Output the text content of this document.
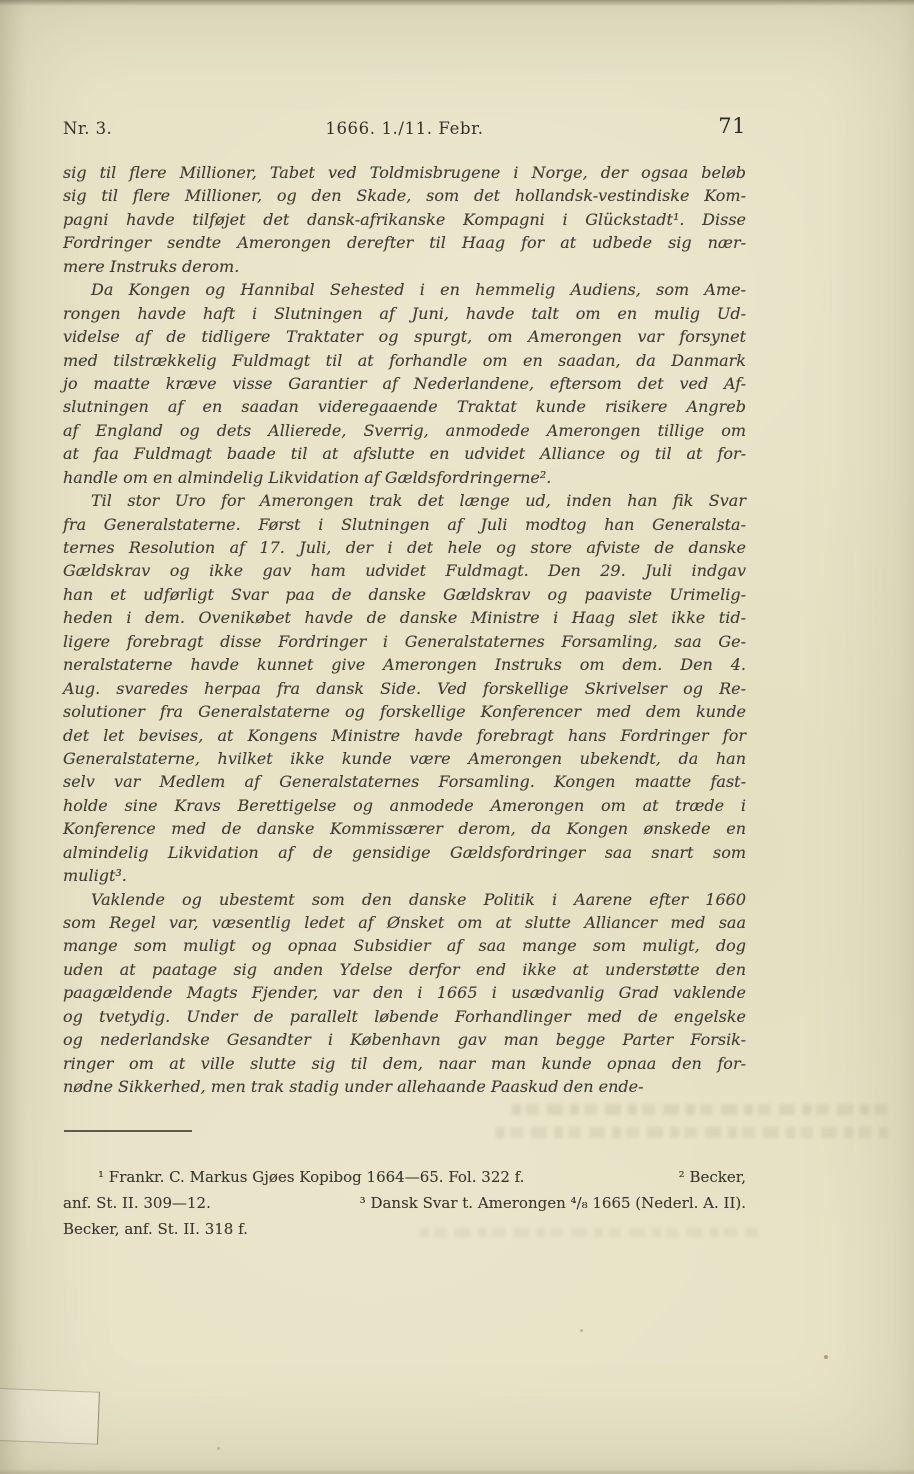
Nr. 3.	1666. 1./11. Febr.	71
sig til flere Millioner, Tabet ved Toldmisbrugene i Norge, der ogsaa beløb
sig til flere Millioner, og den Skade, som det hollandsk-vestindiske Kom-
pagni havde tilføjet det dansk-afrikanske Kompagni i Glückstadt¹. Disse
Fordringer sendte Amerongen derefter til Haag for at udbede sig nær-
mere Instruks derom.
Da Kongen og Hannibal Sehested i en hemmelig Audiens, som Ame-
rongen havde haft i Slutningen af Juni, havde talt om en mulig Ud-
videlse af de tidligere Traktater og spurgt, om Amerongen var forsynet
med tilstrækkelig Fuldmagt til at forhandle om en saadan, da Danmark
jo maatte kræve visse Garantier af Nederlandene, eftersom det ved Af-
slutningen af en saadan videregaaende Traktat kunde risikere Angreb
af England og dets Allierede, Sverrig, anmodede Amerongen tillige om
at faa Fuldmagt baade til at afslutte en udvidet Alliance og til at for-
handle om en almindelig Likvidation af Gældsfordringerne².
Til stor Uro for Amerongen trak det længe ud, inden han fik Svar
fra Generalstaterne. Først i Slutningen af Juli modtog han Generalsta-
ternes Resolution af 17. Juli, der i det hele og store afviste de danske
Gældskrav og ikke gav ham udvidet Fuldmagt. Den 29. Juli indgav
han et udførligt Svar paa de danske Gældskrav og paaviste Urimelig-
heden i dem. Ovenikøbet havde de danske Ministre i Haag slet ikke tid-
ligere forebragt disse Fordringer i Generalstaternes Forsamling, saa Ge-
neralstaterne havde kunnet give Amerongen Instruks om dem. Den 4.
Aug. svaredes herpaa fra dansk Side. Ved forskellige Skrivelser og Re-
solutioner fra Generalstaterne og forskellige Konferencer med dem kunde
det let bevises, at Kongens Ministre havde forebragt hans Fordringer for
Generalstaterne, hvilket ikke kunde være Amerongen ubekendt, da han
selv var Medlem af Generalstaternes Forsamling. Kongen maatte fast-
holde sine Kravs Berettigelse og anmodede Amerongen om at træde i
Konference med de danske Kommissærer derom, da Kongen ønskede en
almindelig Likvidation af de gensidige Gældsfordringer saa snart som
muligt³.
Vaklende og ubestemt som den danske Politik i Aarene efter 1660
som Regel var, væsentlig ledet af Ønsket om at slutte Alliancer med saa
mange som muligt og opnaa Subsidier af saa mange som muligt, dog
uden at paatage sig anden Ydelse derfor end ikke at understøtte den
paagældende Magts Fjender, var den i 1665 i usædvanlig Grad vaklende
og tvetydig. Under de parallelt løbende Forhandlinger med de engelske
og nederlandske Gesandter i København gav man begge Parter Forsik-
ringer om at ville slutte sig til dem, naar man kunde opnaa den for-
nødne Sikkerhed, men trak stadig under allehaande Paaskud den ende-
¹ Frankr. C. Markus Gjøes Kopibog 1664—65. Fol. 322 f.	² Becker,
anf. St. II. 309—12.	³ Dansk Svar t. Amerongen ⁴/₈ 1665 (Nederl. A. II).
Becker, anf. St. II. 318 f.
